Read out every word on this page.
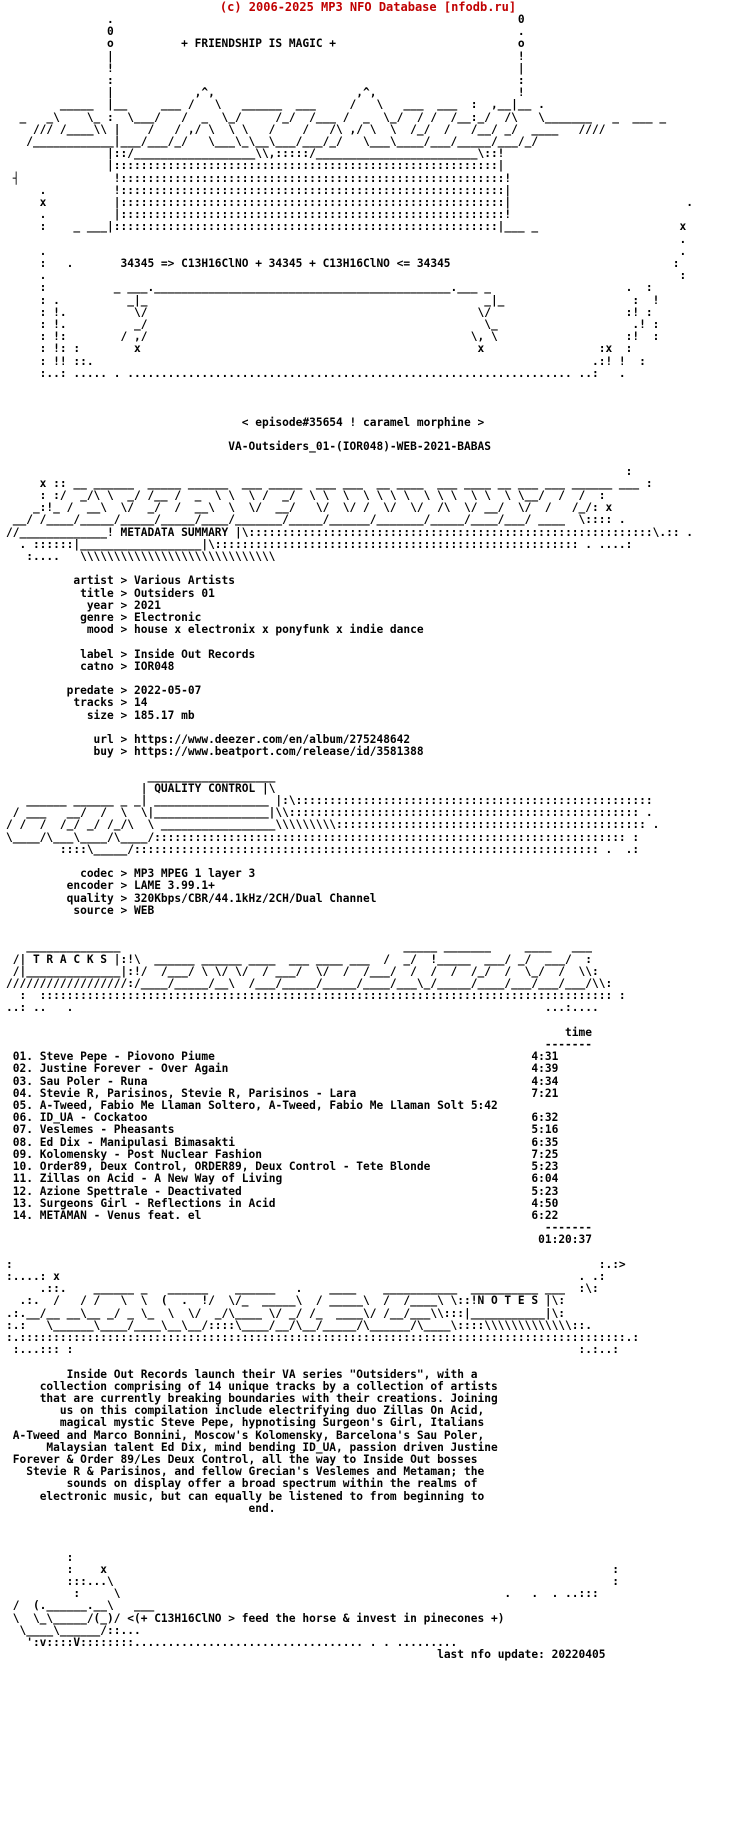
(c) 2006-2025 MP3 NFO Database [nfodb.ru]
.                                                            0
0                                                            .
o          + FRIENDSHIP IS MAGIC +                           o
|                                                            !
!                                                            |
:                                                            :
|            ,^,                     ,^,                     !
_____  |__     ___ /   \   ______  ___     /   \   ___  ___  :  ,__|__ .
_   _\    \_ :  \___/   /  _  \_/     /_/  /___ /  _  \_/  / /  /__:_/  /\   \_______   _  ___ _
/// /____\\ |    /   / ,/ \  \ \   /    /   /\ ,/ \  \  /_/  /   /__/ _/  ____   ////
/____________|___/___/_/   \___\_\__\___/___/_/   \___\____/___/_____/___/_/
|::/__________________\\,:::::/________________________\::!
|:::::::::::::::::::::::::::::::::::::::::::::::::::::::::|
┤              !:::::::::::::::::::::::::::::::::::::::::::::::::::::::::!
.          !:::::::::::::::::::::::::::::::::::::::::::::::::::::::::|
x          |:::::::::::::::::::::::::::::::::::::::::::::::::::::::::|                          .
.          |:::::::::::::::::::::::::::::::::::::::::::::::::::::::::!
:    _ ___|:::::::::::::::::::::::::::::::::::::::::::::::::::::::::|___ _                     x
.
.                                                                                              .
:   .       34345 => C13H16ClNO + 34345 + C13H16ClNO <= 34345                                 :
.                                                                                              :
:          _ ___.____________________________________________.___ _                    .  :
: .          _|_                                                  _|_                   :  !
: !.          \/                                                 \/                    :! :
: !.          _/                                                  \_                    .! :
: !:        / ,/                                                \, \                   :!  :
: !: :        x                                                  x                 :x  :
: !! ::.                                                                          .:! !  :
:..: ..... . .................................................................. ..:   .

< episode#35654 ! caramel morphine >

VA-Outsiders_01-(IOR048)-WEB-2021-BABAS

:
x :: __ ______  _____ ______  ___ _____  ___ ___  __ ____  ___ ____ __ ___ ___ ______ ___ :
: :/  _/\ \  _/ /__ /  _  \ \  \ /  _/  \ \  \  \ \ \ \  \ \ \  \ \  \ \__/  /  /  :
_:!_ /  __\  \/  _/  /  __\  \  \/  __/   \/  \/ /  \/  \/  /\  \/ __/  \/  /   /_/: x
__/ /____/_____/_____/_____/____/_______/_____/______/_______/_____/____/___/ ____  \:::: .
//_____________! METADATA SUMMARY |\::::::::::::::::::::::::::::::::::::::::::::::::::::::::::::\.:: .
. ::::::|__________________|\:::::::::::::::::::::::::::::::::::::::::::::::::::::: . ....:
:....   \\\\\\\\\\\\\\\\\\\\\\\\\\\\\

artist > Various Artists
title > Outsiders 01
year > 2021
genre > Electronic
mood > house x electronix x ponyfunk x indie dance

label > Inside Out Records
catno > IOR048

predate > 2022-05-07
tracks > 14
size > 185.17 mb

url > https://www.deezer.com/en/album/275248642
buy > https://www.beatport.com/release/id/3581388

___________________
| QUALITY CONTROL |\
______ ______ _ _| _________________ |:\:::::::::::::::::::::::::::::::::::::::::::::::::::::
/ ___   __/  /  \  \|_________________|\\:::::::::::::::::::::::::::::::::::::::::::::::::::: .
/ /  /  /_/ _/ /_/\  \ _________________\\\\\\\\\:::::::::::::::::::::::::::::::::::::::::::::: .
\____/\___\____/\____/:::::::::::::::::::::::::::::::::::::::::::::::::::::::::::::::::::::: :
::::\_____/::::::::::::::::::::::::::::::::::::::::::::::::::::::::::::::::::::: .  .:

codec > MP3 MPEG 1 layer 3
encoder > LAME 3.99.1+
quality > 320Kbps/CBR/44.1kHz/2CH/Dual Channel
source > WEB

______________                                          _____ _______     ____   ___
/| T R A C K S |:!\  ______ ______ ____  ___ ____ ___  /  _/  !_____  ___/ _/  ___/  :
/|______________|:!/  /___/ \ \/ \/  / ___/  \/  /  /___/  /  /  /  /_/  /  \_/  /  \\:
//////////////////:/____/_____/__\  /___/_____/_____/____/___\_/_____/____/___/___/___/\\:
:  ::::::::::::::::::::::::::::::::::::::::::::::::::::::::::::::::::::::::::::::::::::: :
..: ..   .                                                                      ...:....

time
-------
01. Steve Pepe - Piovono Piume	4:31
02. Justine Forever - Over Again	4:39
03. Sau Poler - Runa	4:34
04. Stevie R, Parisinos, Stevie R, Parisinos - Lara	7:21
05. A-Tweed, Fabio Me Llaman Soltero, A-Tweed, Fabio Me Llaman Solt 5:42
06. ID_UA - Cockatoo	6:32
07. Veslemes - Pheasants	5:16
08. Ed Dix - Manipulasi Bimasakti	6:35
09. Kolomensky - Post Nuclear Fashion	7:25
10. Order89, Deux Control, ORDER89, Deux Control - Tete Blonde	5:23
11. Zillas on Acid - A New Way of Living	6:04
12. Azione Spettrale - Deactivated	5:23
13. Surgeons Girl - Reflections in Acid	4:50
14. METAMAN - Venus feat. el	6:22
-------
01:20:37

:                                                                                       :.:>
:....: x                                                                             . .:
.::.    ______ _   ______    ______   .    ____    ___________  __________ ___  :\:
.:.  /   / /   \  \  (  .  !/  \/_  _____\  / _____\  /  /____\ \::!N O T E S |\:
.:.__/__ __\__ _/ _ \_  \  \/  _/\____ \/ _/ /_  ____\/ /__/___\\:::|___________|\:
:.:   \______\____/____\__\__/::::\____/__/\__/_____/\______/\____\::::\\\\\\\\\\\\\::.
:.::::::::::::::::::::::::::::::::::::::::::::::::::::::::::::::::::::::::::::::::::::::::::.:
:...::: :                                                                           :.:..:

Inside Out Records launch their VA series "Outsiders", with a
collection comprising of 14 unique tracks by a collection of artists
that are currently breaking boundaries with their creations. Joining
us on this compilation include electrifying duo Zillas On Acid,
magical mystic Steve Pepe, hypnotising Surgeon's Girl, Italians
A-Tweed and Marco Bonnini, Moscow's Kolomensky, Barcelona's Sau Poler,
Malaysian talent Ed Dix, mind bending ID_UA, passion driven Justine
Forever & Order 89/Les Deux Control, all the way to Inside Out bosses
Stevie R & Parisinos, and fellow Grecian's Veslemes and Metaman; the
sounds on display offer a broad spectrum within the realms of
electronic music, but can equally be listened to from beginning to
end.

:
:    x                                                                           :
:::...\                                                                          :
:     \                                                         .   .  . ..:::
/  (.______.__\   ___
\  \_\_____/(_)/ <(+ C13H16ClNO > feed the horse & invest in pinecones +)
\____\______/::...
':v::::V::::::::.................................. . . .........
last nfo update: 20220405
